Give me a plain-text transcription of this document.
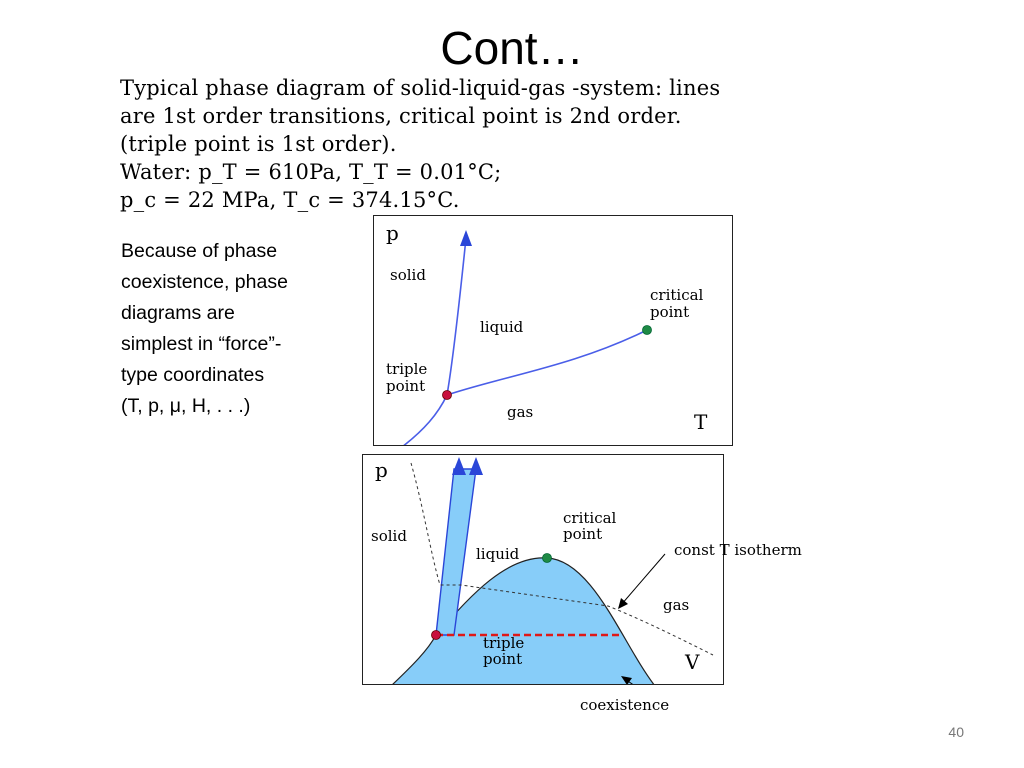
Cont…
Typical phase diagram of solid-liquid-gas -system: lines
are 1st order transitions, critical point is 2nd order.
(triple point is 1st order).
Water: p_T = 610Pa, T_T = 0.01°C;
p_c = 22 MPa, T_c = 374.15°C.
Because of phase
coexistence, phase
diagrams are
simplest in “force”-
type coordinates
(T, p, μ, H, . . .)
p
T
solid
liquid
gas
critical
point
triple
point
p
V
solid
liquid
gas
critical
point
triple
point
const T isotherm
coexistence
40
